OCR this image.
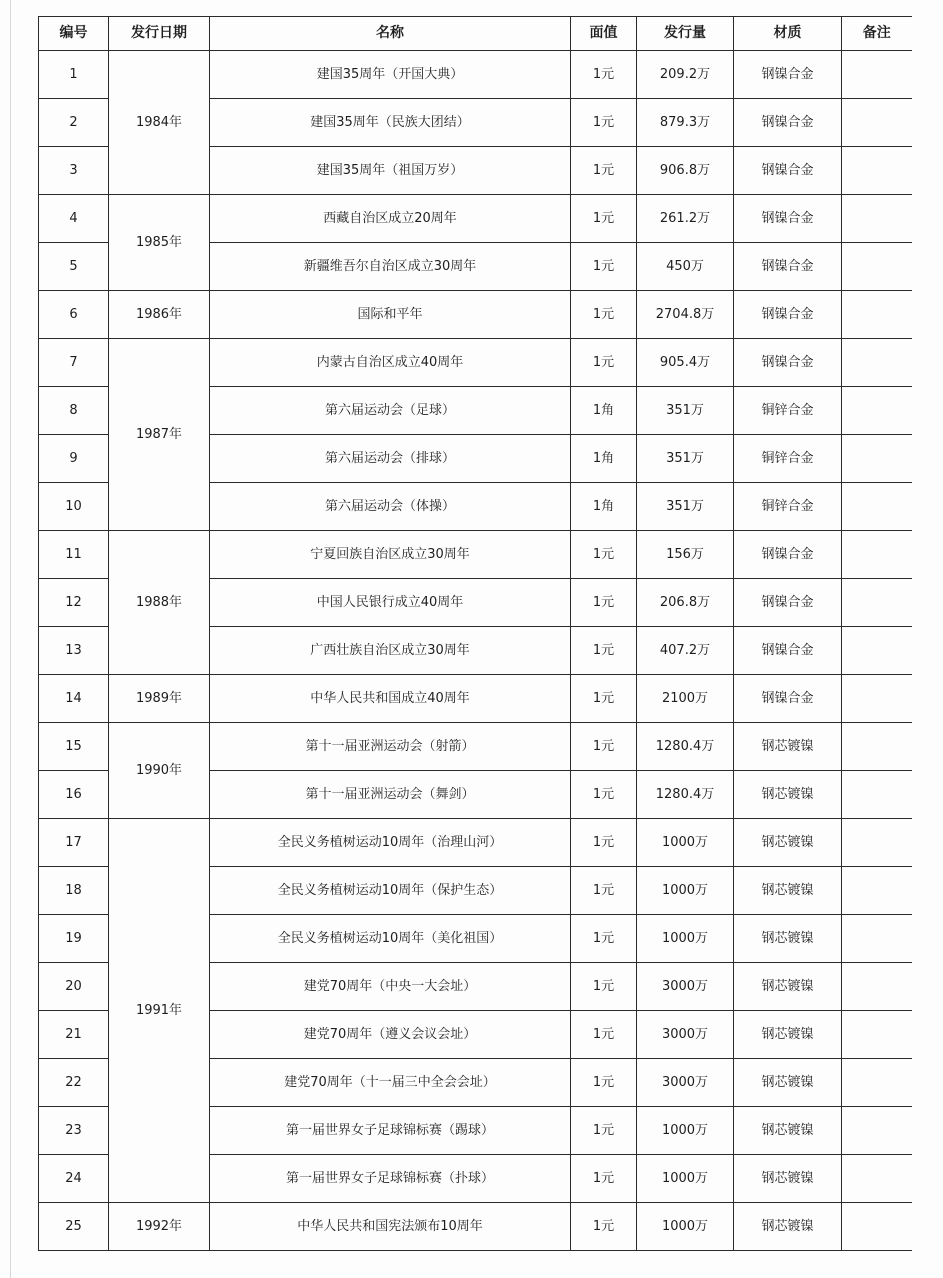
编号	发行日期	名称	面值	发行量	材质	备注
1	1984年	建国35周年（开国大典）	1元	209.2万	钢镍合金	
2		建国35周年（民族大团结）	1元	879.3万	钢镍合金	
3		建国35周年（祖国万岁）	1元	906.8万	钢镍合金	
4	1985年	西藏自治区成立20周年	1元	261.2万	钢镍合金	
5		新疆维吾尔自治区成立30周年	1元	450万	钢镍合金	
6	1986年	国际和平年	1元	2704.8万	钢镍合金	
7	1987年	内蒙古自治区成立40周年	1元	905.4万	钢镍合金	
8		第六届运动会（足球）	1角	351万	铜锌合金	
9		第六届运动会（排球）	1角	351万	铜锌合金	
10		第六届运动会（体操）	1角	351万	铜锌合金	
11	1988年	宁夏回族自治区成立30周年	1元	156万	钢镍合金	
12		中国人民银行成立40周年	1元	206.8万	钢镍合金	
13		广西壮族自治区成立30周年	1元	407.2万	钢镍合金	
14	1989年	中华人民共和国成立40周年	1元	2100万	钢镍合金	
15	1990年	第十一届亚洲运动会（射箭）	1元	1280.4万	钢芯镀镍	
16		第十一届亚洲运动会（舞剑）	1元	1280.4万	钢芯镀镍	
17	1991年	全民义务植树运动10周年（治理山河）	1元	1000万	钢芯镀镍	
18		全民义务植树运动10周年（保护生态）	1元	1000万	钢芯镀镍	
19		全民义务植树运动10周年（美化祖国）	1元	1000万	钢芯镀镍	
20		建党70周年（中央一大会址）	1元	3000万	钢芯镀镍	
21		建党70周年（遵义会议会址）	1元	3000万	钢芯镀镍	
22		建党70周年（十一届三中全会会址）	1元	3000万	钢芯镀镍	
23		第一届世界女子足球锦标赛（踢球）	1元	1000万	钢芯镀镍	
24		第一届世界女子足球锦标赛（扑球）	1元	1000万	钢芯镀镍	
25	1992年	中华人民共和国宪法颁布10周年	1元	1000万	钢芯镀镍	
